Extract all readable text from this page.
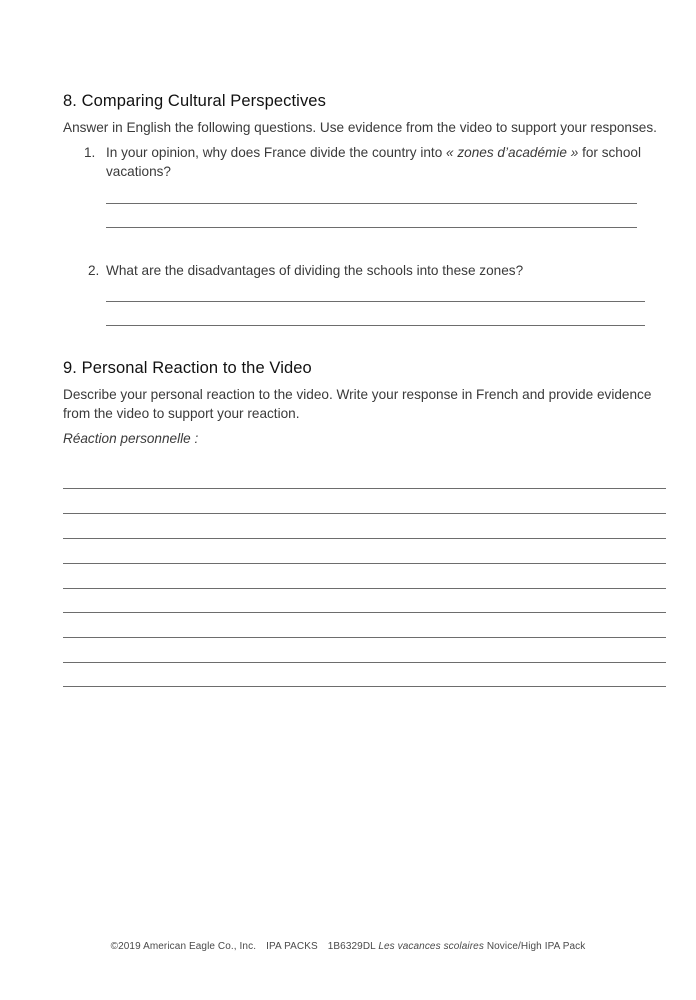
8. Comparing Cultural Perspectives

Answer in English the following questions. Use evidence from the video to support your responses.

1. In your opinion, why does France divide the country into « zones d’académie » for school

vacations?

2. What are the disadvantages of dividing the schools into these zones?

9. Personal Reaction to the Video

Describe your personal reaction to the video. Write your response in French and provide evidence

from the video to support your reaction.

Réaction personnelle :

©2019 American Eagle Co., Inc. IPA PACKS 1B6329DL Les vacances scolaires Novice/High IPA Pack
